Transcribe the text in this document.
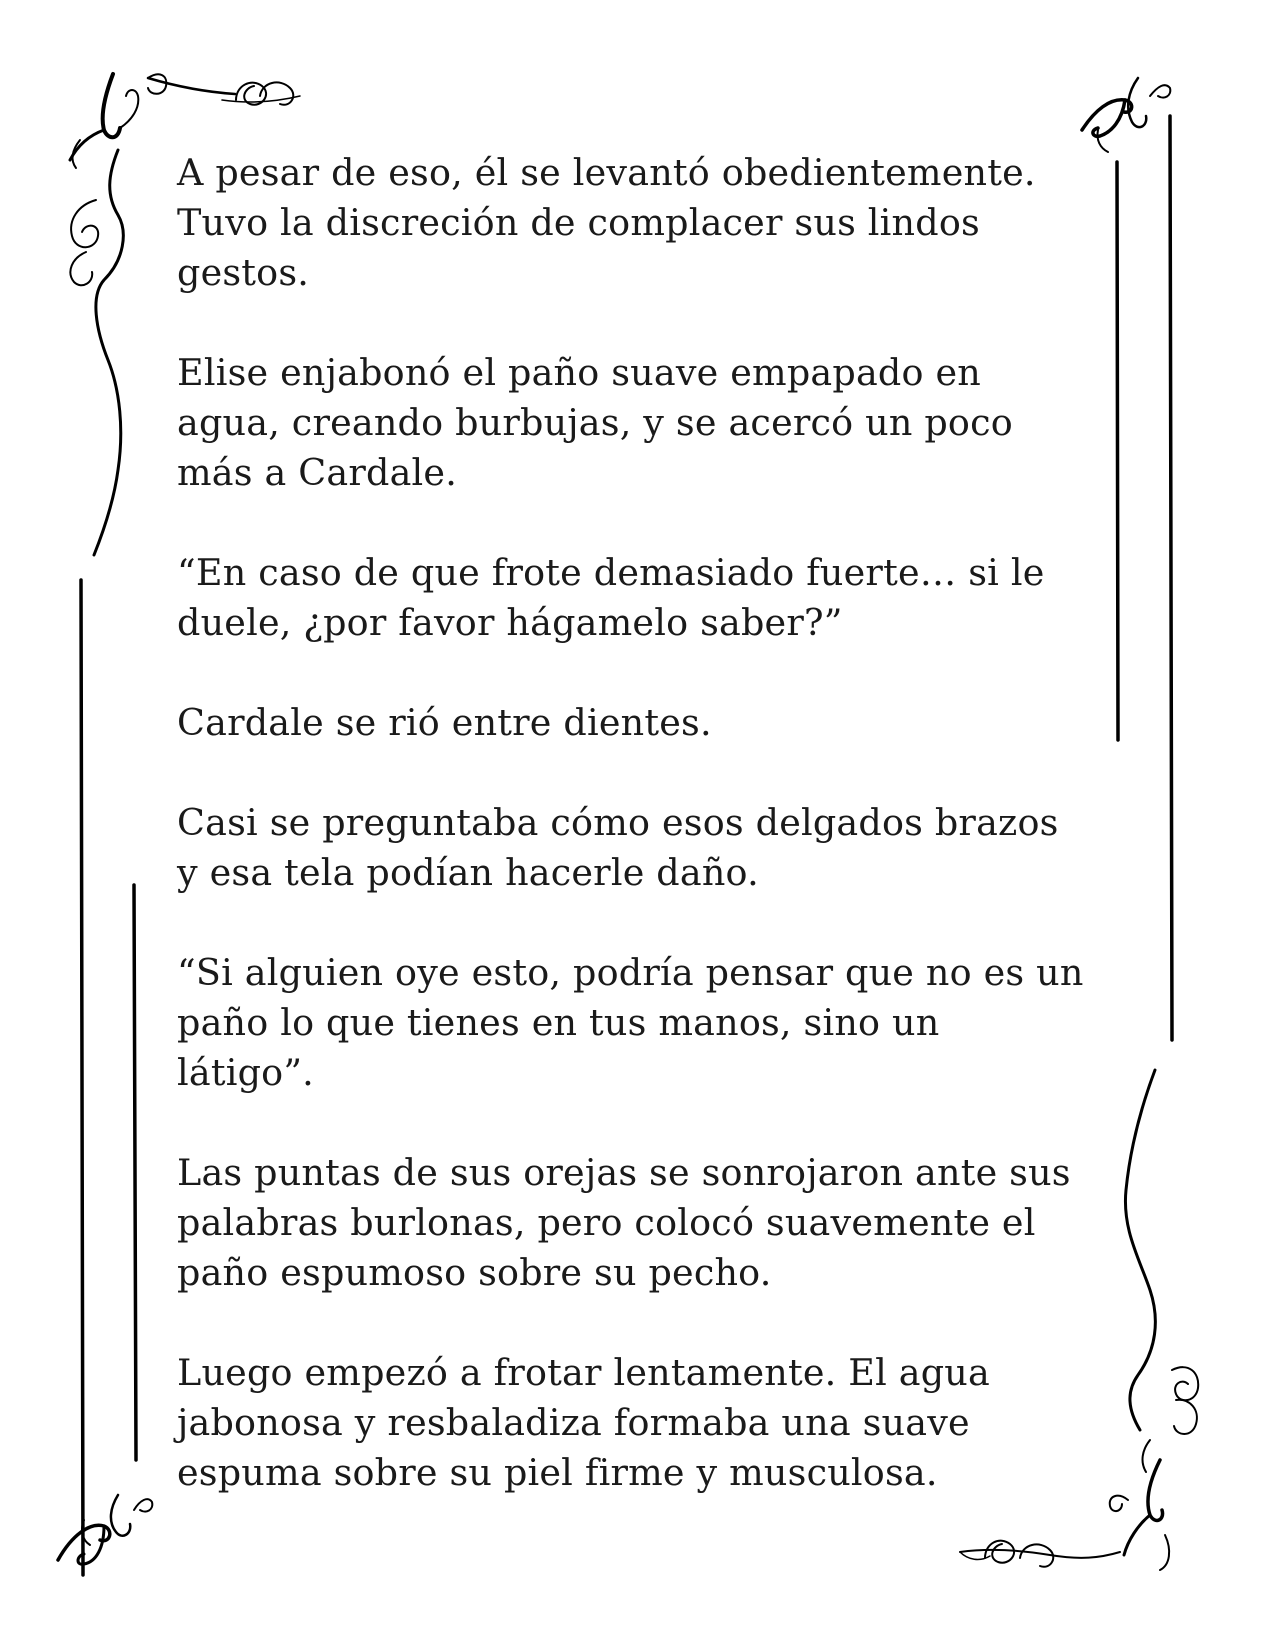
A pesar de eso, él se levantó obedientemente.
Tuvo la discreción de complacer sus lindos
gestos.

Elise enjabonó el paño suave empapado en
agua, creando burbujas, y se acercó un poco
más a Cardale.

“En caso de que frote demasiado fuerte… si le
duele, ¿por favor hágamelo saber?”

Cardale se rió entre dientes.

Casi se preguntaba cómo esos delgados brazos
y esa tela podían hacerle daño.

“Si alguien oye esto, podría pensar que no es un
paño lo que tienes en tus manos, sino un
látigo”.

Las puntas de sus orejas se sonrojaron ante sus
palabras burlonas, pero colocó suavemente el
paño espumoso sobre su pecho.

Luego empezó a frotar lentamente. El agua
jabonosa y resbaladiza formaba una suave
espuma sobre su piel firme y musculosa.
